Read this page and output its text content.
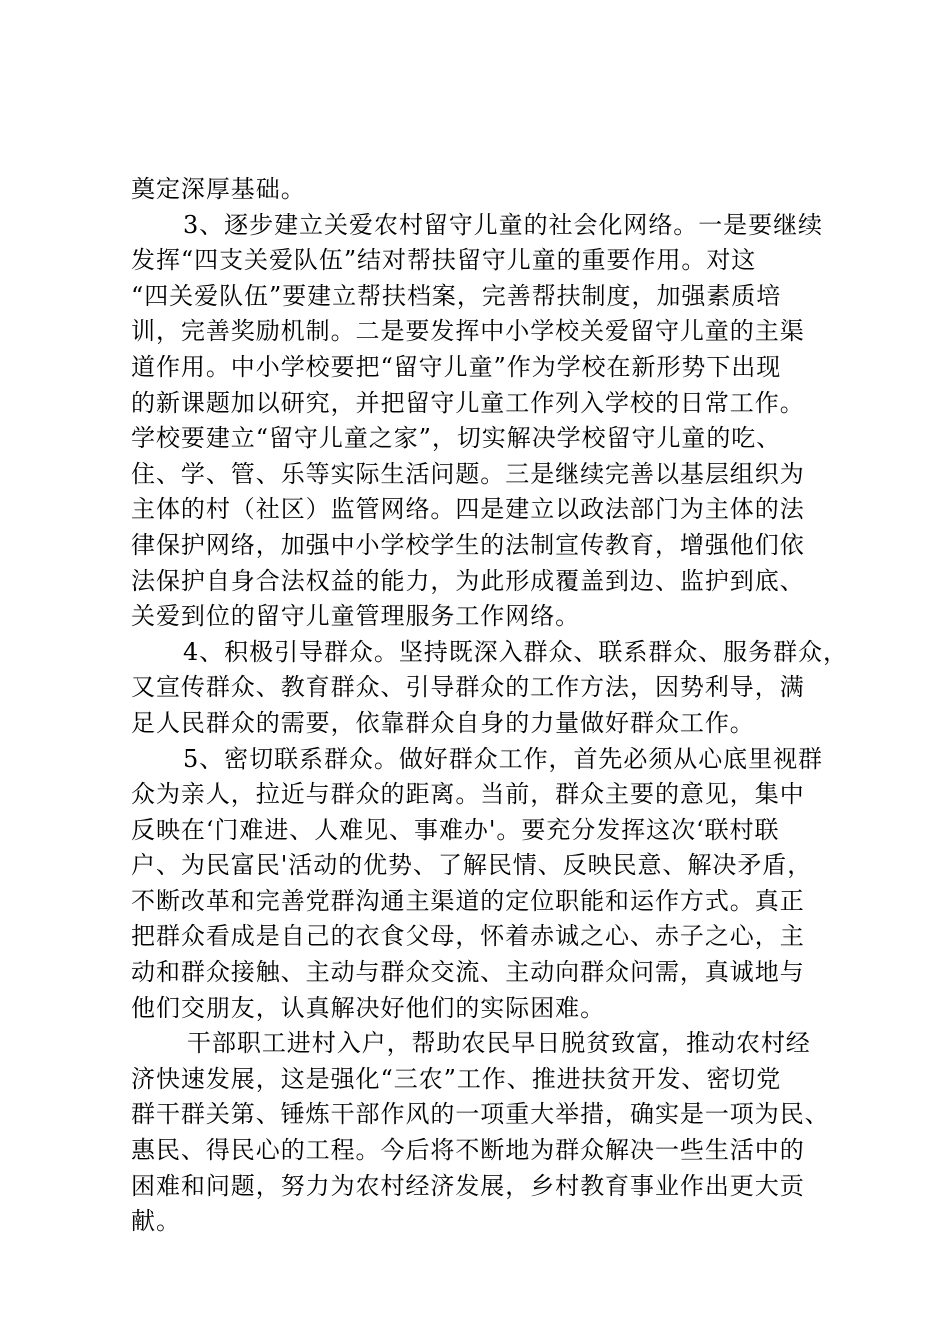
奠定深厚基础。
3、逐步建立关爱农村留守儿童的社会化网络。一是要继续
发挥“四支关爱队伍”结对帮扶留守儿童的重要作用。对这
“四关爱队伍”要建立帮扶档案，完善帮扶制度，加强素质培
训，完善奖励机制。二是要发挥中小学校关爱留守儿童的主渠
道作用。中小学校要把“留守儿童”作为学校在新形势下出现
的新课题加以研究，并把留守儿童工作列入学校的日常工作。
学校要建立“留守儿童之家”，切实解决学校留守儿童的吃、
住、学、管、乐等实际生活问题。三是继续完善以基层组织为
主体的村（社区）监管网络。四是建立以政法部门为主体的法
律保护网络，加强中小学校学生的法制宣传教育，增强他们依
法保护自身合法权益的能力，为此形成覆盖到边、监护到底、
关爱到位的留守儿童管理服务工作网络。
4、积极引导群众。坚持既深入群众、联系群众、服务群众，
又宣传群众、教育群众、引导群众的工作方法，因势利导，满
足人民群众的需要，依靠群众自身的力量做好群众工作。
5、密切联系群众。做好群众工作，首先必须从心底里视群
众为亲人，拉近与群众的距离。当前，群众主要的意见，集中
反映在‘门难进、人难见、事难办'。要充分发挥这次‘联村联
户、为民富民'活动的优势、了解民情、反映民意、解决矛盾，
不断改革和完善党群沟通主渠道的定位职能和运作方式。真正
把群众看成是自己的衣食父母，怀着赤诚之心、赤子之心，主
动和群众接触、主动与群众交流、主动向群众问需，真诚地与
他们交朋友，认真解决好他们的实际困难。
干部职工进村入户，帮助农民早日脱贫致富，推动农村经
济快速发展，这是强化“三农”工作、推进扶贫开发、密切党
群干群关第、锤炼干部作风的一项重大举措，确实是一项为民、
惠民、得民心的工程。今后将不断地为群众解决一些生活中的
困难和问题，努力为农村经济发展，乡村教育事业作出更大贡
献。
